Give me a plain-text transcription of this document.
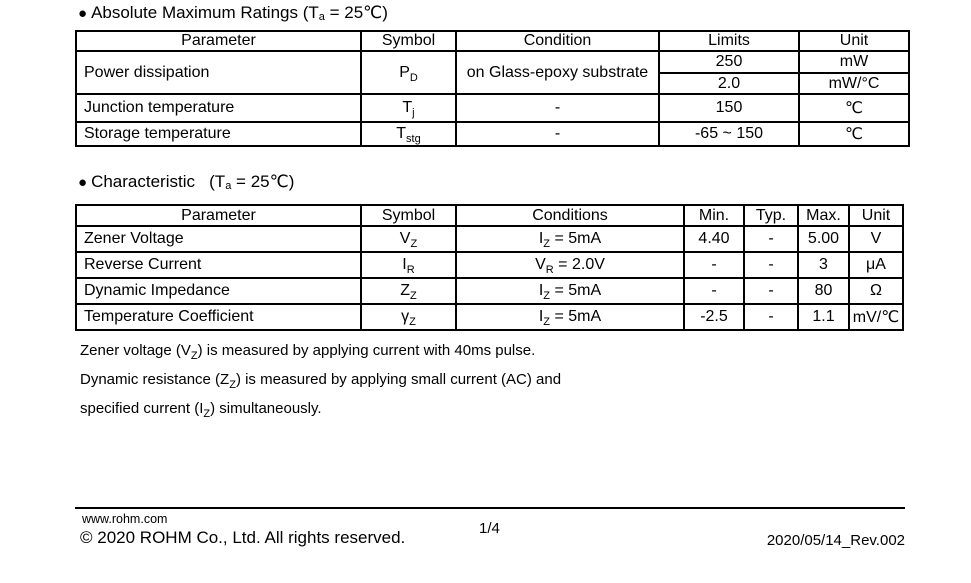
● Absolute Maximum Ratings (T a = 25℃)
Parameter	Symbol	Condition	Limits	Unit
Power dissipation	$P_D$	on Glass-epoxy substrate	250	mW
			2.0	mW/°C
Junction temperature	$T_j$	-	150	℃
Storage temperature	$T_{stg}$	-	-65 ~ 150	℃
● Characteristic   (T a = 25℃)
Parameter	Symbol	Conditions	Min.	Typ.	Max.	Unit
Zener Voltage	$V_Z$	$I_Z = 5mA$	4.40	-	5.00	V
Reverse Current	$I_R$	$V_R = 2.0V$	-	-	3	μA
Dynamic Impedance	$Z_Z$	$I_Z = 5mA$	-	-	80	Ω
Temperature Coefficient	$\gamma_Z$	$I_Z = 5mA$	-2.5	-	1.1	mV/℃
Zener voltage $(V_Z)$ is measured by applying current with 40ms pulse.
Dynamic resistance $(Z_Z)$ is measured by applying small current (AC) and
specified current $(I_Z)$ simultaneously.
www.rohm.com
© 2020 ROHM Co., Ltd. All rights reserved.	1/4
2020/05/14_Rev.002
